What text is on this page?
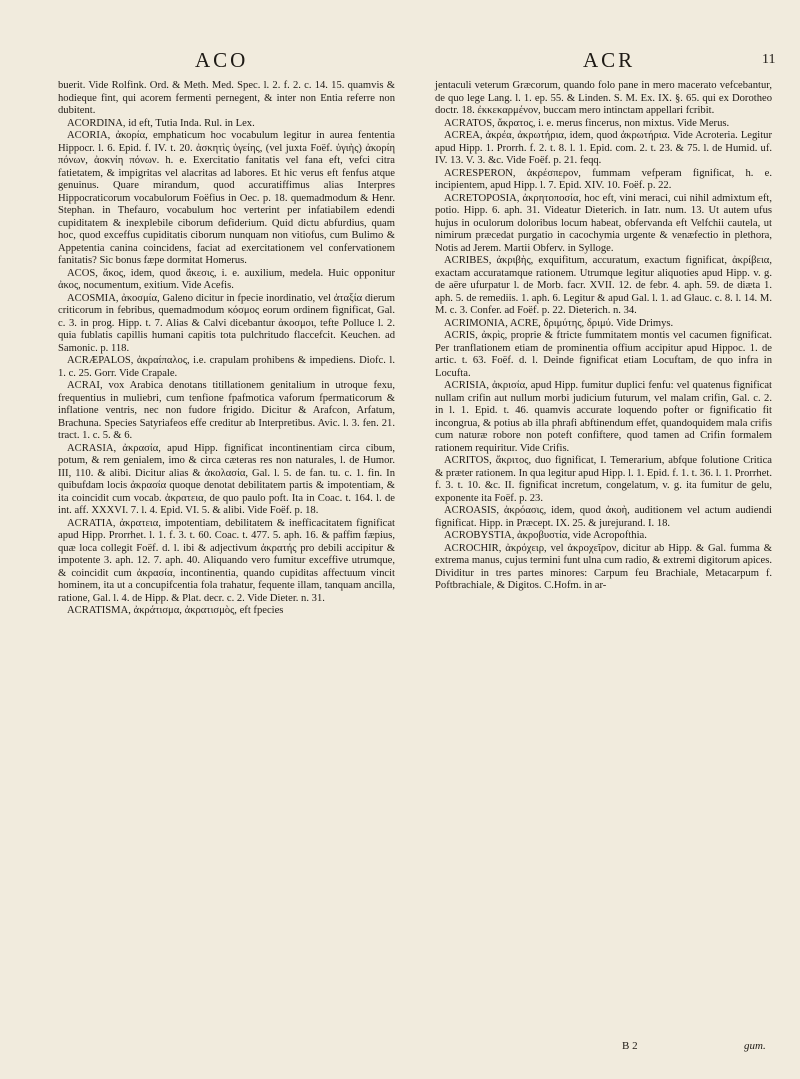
ACO	ACR	11

buerit. Vide Rolfink. Ord. & Meth. Med. Spec. l. 2. f. 2. c. 14. 15. quamvis & hodieque fint, qui acorem fermenti pernegent, & inter non Entia referre non dubitent.

ACORDINA, id eft, Tutia Inda. Rul. in Lex.

ACORIA, ἀκορία, emphaticum hoc vocabulum legitur in aurea fententia Hippocr. l. 6. Epid. f. IV. t. 20. ἀσκητὶς ὑγείης, (vel juxta Foëf. ὑγιὴς) ἀκορίη πόνων, ἀοκνίη πόνων. h. e. Exercitatio fanitatis vel fana eft, vefci citra fatietatem, & impigritas vel alacritas ad labores. Et hic verus eft fenfus atque genuinus. Quare mirandum, quod accuratiffimus alias Interpres Hippocraticorum vocabulorum Foëfius in Oec. p. 18. quemadmodum & Henr. Stephan. in Thefauro, vocabulum hoc verterint per infatiabilem edendi cupiditatem & inexplebile ciborum defiderium. Quid dictu abfurdius, quam hoc, quod exceffus cupiditatis ciborum nunquam non vitiofus, cum Bulimo & Appetentia canina coincidens, faciat ad exercitationem vel confervationem fanitatis? Sic bonus fæpe dormitat Homerus.

ACOS, ἄκος, idem, quod ἄκεσις, i. e. auxilium, medela. Huic opponitur ἀκος, nocumentum, exitium. Vide Acefis.

ACOSMIA, ἀκοσμία, Galeno dicitur in fpecie inordinatio, vel ἀταξία dierum criticorum in febribus, quemadmodum κόσμος eorum ordinem fignificat, Gal. c. 3. in prog. Hipp. t. 7. Alias & Calvi dicebantur ἀκοσμοι, tefte Polluce l. 2. quia fublatis capillis humani capitis tota pulchritudo flaccefcit. Keuchen. ad Samonic. p. 118.

ACRÆPALOS, ἀκραίπαλος, i.e. crapulam prohibens & impediens. Diofc. l. 1. c. 25. Gorr. Vide Crapale.

ACRAI, vox Arabica denotans titillationem genitalium in utroque fexu, frequentius in muliebri, cum tenfione fpafmotica vaforum fpermaticorum & inflatione ventris, nec non fudore frigido. Dicitur & Arafcon, Arfatum, Brachuna. Species Satyriafeos effe creditur ab Interpretibus. Avic. l. 3. fen. 21. tract. 1. c. 5. & 6.

ACRASIA, ἀκρασία, apud Hipp. fignificat incontinentiam circa cibum, potum, & rem genialem, imo & circa cæteras res non naturales, l. de Humor. III, 110. & alibi. Dicitur alias & ἀκολασία, Gal. l. 5. de fan. tu. c. 1. fin. In quibufdam locis ἀκρασία quoque denotat debilitatem partis & impotentiam, & ita coincidit cum vocab. ἀκρατεια, de quo paulo poft. Ita in Coac. t. 164. l. de int. aff. XXXVI. 7. l. 4. Epid. VI. 5. & alibi. Vide Foëf. p. 18.

ACRATIA, ἀκρατεια, impotentiam, debilitatem & inefficacitatem fignificat apud Hipp. Prorrhet. l. 1. f. 3. t. 60. Coac. t. 477. 5. aph. 16. & paffim fæpius, quæ loca collegit Foëf. d. l. ibi & adjectivum ἀκρατής pro debili accipitur & impotente 3. aph. 12. 7. aph. 40. Aliquando vero fumitur exceffive utrumque, & coincidit cum ἀκρασία, incontinentia, quando cupiditas affectuum vincit hominem, ita ut a concupifcentia fola trahatur, fequente illam, tanquam ancilla, ratione, Gal. l. 4. de Hipp. & Plat. decr. c. 2. Vide Dieter. n. 31.

ACRATISMA, ἀκράτισμα, ἀκρατισμὸς, eft fpecies

jentaculi veterum Græcorum, quando folo pane in mero macerato vefcebantur, de quo lege Lang. l. 1. ep. 55. & Linden. S. M. Ex. IX. §. 65. qui ex Dorotheo doctr. 18. ἐκκεκαρμένον, buccam mero intinctam appellari fcribit.

ACRATOS, ἄκρατος, i. e. merus fincerus, non mixtus. Vide Merus.

ACREA, ἀκρέα, ἀκρωτήρια, idem, quod ἀκρωτήρια. Vide Acroteria. Legitur apud Hipp. 1. Prorrh. f. 2. t. 8. l. 1. Epid. com. 2. t. 23. & 75. l. de Humid. uf. IV. 13. V. 3. &c. Vide Foëf. p. 21. feqq.

ACRESPERON, ἀκρέσπερον, fummam vefperam fignificat, h. e. incipientem, apud Hipp. l. 7. Epid. XIV. 10. Foëf. p. 22.

ACRETOPOSIA, ἀκρητοποσία, hoc eft, vini meraci, cui nihil admixtum eft, potio. Hipp. 6. aph. 31. Videatur Dieterich. in Iatr. num. 13. Ut autem ufus hujus in oculorum doloribus locum habeat, obfervanda eft Velfchii cautela, ut nimirum præcedat purgatio in cacochymia urgente & venæfectio in plethora, Notis ad Jerem. Martii Obferv. in Sylloge.

ACRIBES, ἀκριβὴς, exquifitum, accuratum, exactum fignificat, ἀκρίβεια, exactam accuratamque rationem. Utrumque legitur aliquoties apud Hipp. v. g. de aëre ufurpatur l. de Morb. facr. XVII. 12. de febr. 4. aph. 59. de diæta 1. aph. 5. de remediis. 1. aph. 6. Legitur & apud Gal. l. 1. ad Glauc. c. 8. l. 14. M. M. c. 3. Confer. ad Foëf. p. 22. Dieterich. n. 34.

ACRIMONIA, ACRE, δριμύτης, δριμύ. Vide Drimys.

ACRIS, ἀκρὶς, proprie & ftricte fummitatem montis vel cacumen fignificat. Per tranflationem etiam de prominentia offium accipitur apud Hippoc. 1. de artic. t. 63. Foëf. d. l. Deinde fignificat etiam Locuftam, de quo infra in Locufta.

ACRISIA, ἀκρισία, apud Hipp. fumitur duplici fenfu: vel quatenus fignificat nullam crifin aut nullum morbi judicium futurum, vel malam crifin, Gal. c. 2. in l. 1. Epid. t. 46. quamvis accurate loquendo pofter or fignificatio fit incongrua, & potius ab illa phrafi abftinendum effet, quandoquidem mala crifis cum naturæ robore non poteft confiftere, quod tamen ad Crifin formalem rationem requiritur. Vide Crifis.

ACRITOS, ἄκριτος, duo fignificat, I. Temerarium, abfque folutione Critica & præter rationem. In qua legitur apud Hipp. l. 1. Epid. f. 1. t. 36. l. 1. Prorrhet. f. 3. t. 10. &c. II. fignificat incretum, congelatum, v. g. ita fumitur de gelu, exponente ita Foëf. p. 23.

ACROASIS, ἀκρόασις, idem, quod ἀκοὴ, auditionem vel actum audiendi fignificat. Hipp. in Præcept. IX. 25. & jurejurand. I. 18.

ACROBYSTIA, ἀκροβυστία, vide Acropofthia.

ACROCHIR, ἀκρόχειρ, vel ἀκροχεῖρον, dicitur ab Hipp. & Gal. fumma & extrema manus, cujus termini funt ulna cum radio, & extremi digitorum apices. Dividitur in tres partes minores: Carpum feu Brachiale, Metacarpum f. Poftbrachiale, & Digitos. C.Hofm. in ar-

B 2	gum.
